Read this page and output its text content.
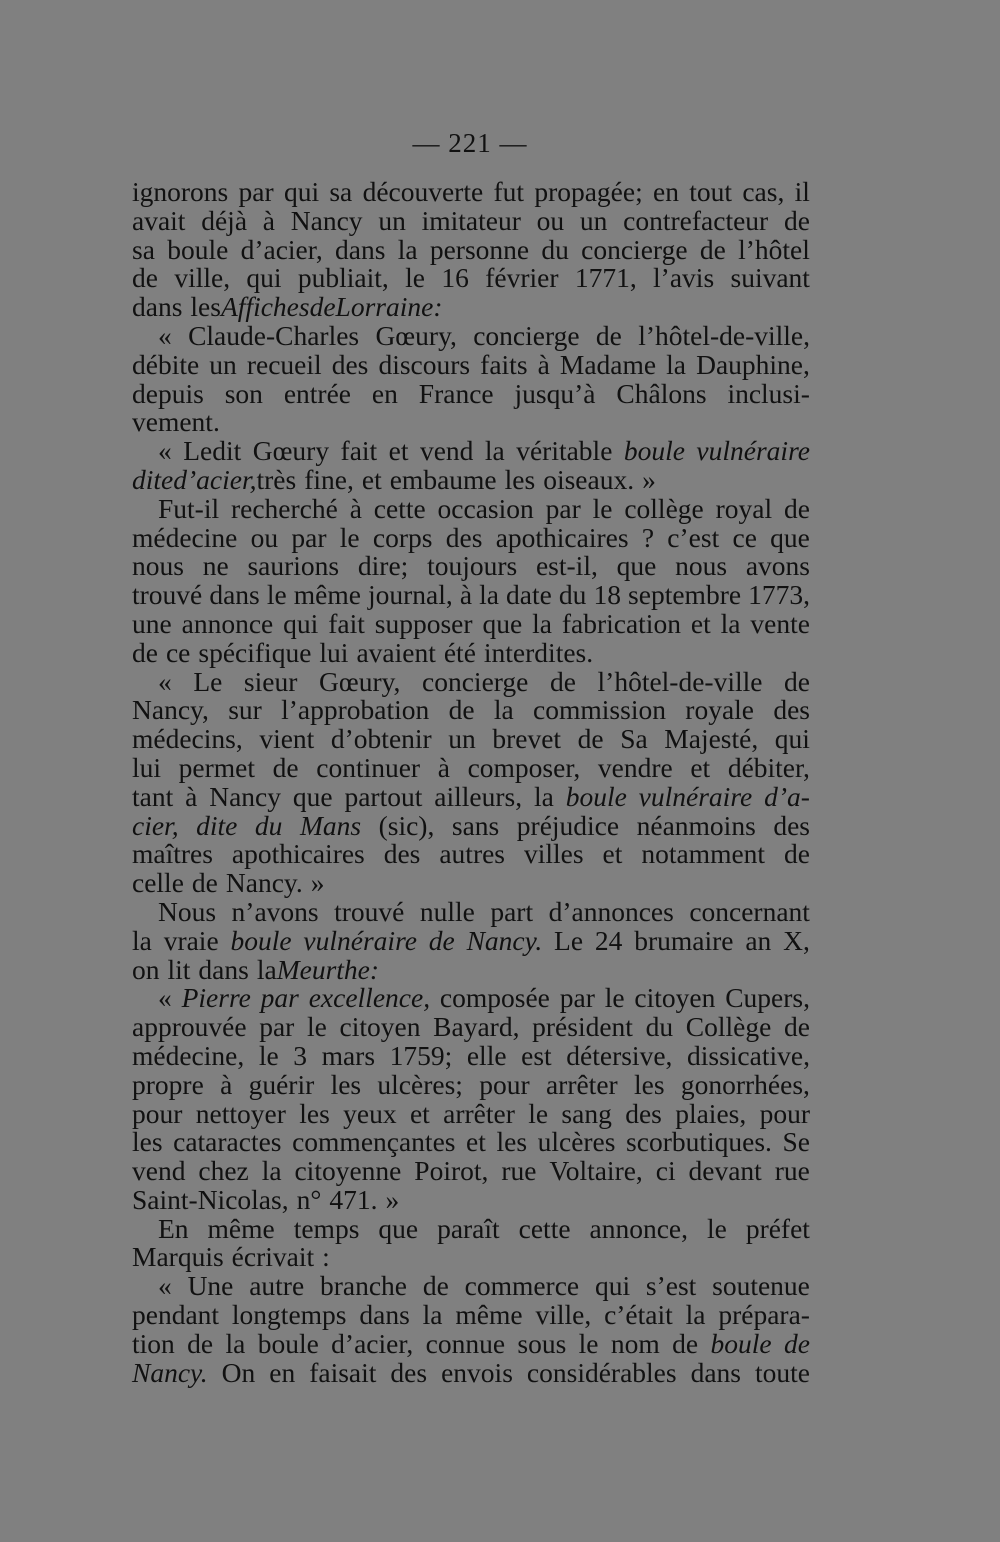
— 221 —
ignorons par qui sa découverte fut propagée; en tout cas, il
avait déjà à Nancy un imitateur ou un contrefacteur de
sa boule d’acier, dans la personne du concierge de l’hôtel
de ville, qui publiait, le 16 février 1771, l’avis suivant
dans les Affiches de Lorraine :
« Claude-Charles Gœury, concierge de l’hôtel-de-ville,
débite un recueil des discours faits à Madame la Dauphine,
depuis son entrée en France jusqu’à Châlons inclusi-
vement.
« Ledit Gœury fait et vend la véritable boule vulnéraire
dite d’acier, très fine, et embaume les oiseaux. »
Fut-il recherché à cette occasion par le collège royal de
médecine ou par le corps des apothicaires ? c’est ce que
nous ne saurions dire; toujours est-il, que nous avons
trouvé dans le même journal, à la date du 18 septembre 1773,
une annonce qui fait supposer que la fabrication et la vente
de ce spécifique lui avaient été interdites.
« Le sieur Gœury, concierge de l’hôtel-de-ville de
Nancy, sur l’approbation de la commission royale des
médecins, vient d’obtenir un brevet de Sa Majesté, qui
lui permet de continuer à composer, vendre et débiter,
tant à Nancy que partout ailleurs, la boule vulnéraire d’a-
cier, dite du Mans (sic), sans préjudice néanmoins des
maîtres apothicaires des autres villes et notamment de
celle de Nancy. »
Nous n’avons trouvé nulle part d’annonces concernant
la vraie boule vulnéraire de Nancy. Le 24 brumaire an X,
on lit dans la Meurthe :
« Pierre par excellence, composée par le citoyen Cupers,
approuvée par le citoyen Bayard, président du Collège de
médecine, le 3 mars 1759; elle est détersive, dissicative,
propre à guérir les ulcères; pour arrêter les gonorrhées,
pour nettoyer les yeux et arrêter le sang des plaies, pour
les cataractes commençantes et les ulcères scorbutiques. Se
vend chez la citoyenne Poirot, rue Voltaire, ci devant rue
Saint-Nicolas, n° 471. »
En même temps que paraît cette annonce, le préfet
Marquis écrivait :
« Une autre branche de commerce qui s’est soutenue
pendant longtemps dans la même ville, c’était la prépara-
tion de la boule d’acier, connue sous le nom de boule de
Nancy. On en faisait des envois considérables dans toute
